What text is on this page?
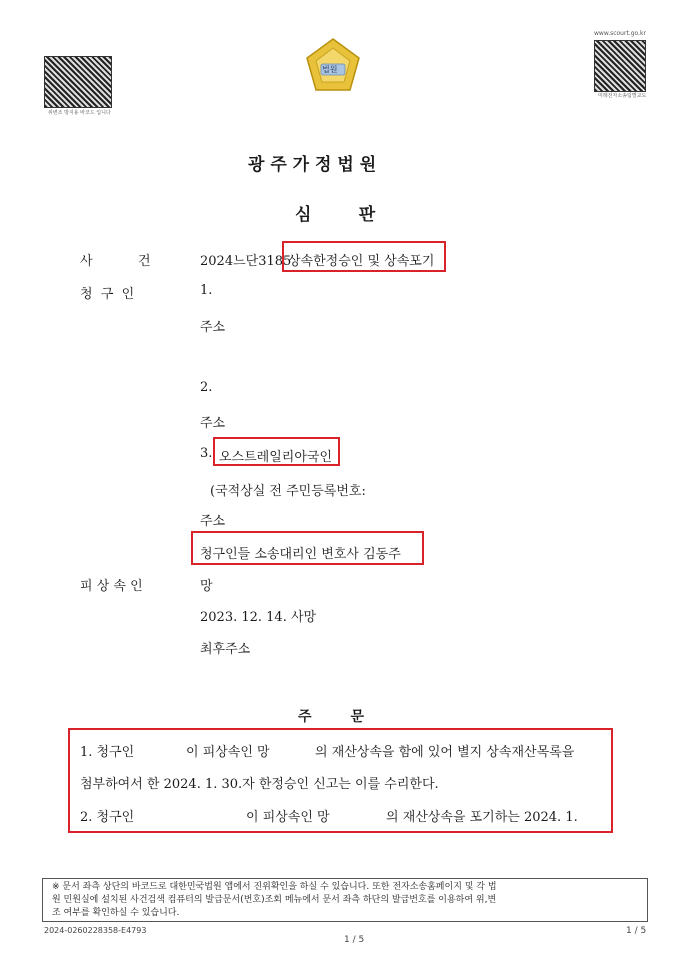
위변조 방지용 바코드 입니다
법원
www.scourt.go.kr
미래전자소송팀별교도
광 주 가 정 법 원
심        판
사           건	2024느단3185
상속한정승인 및 상속포기
청  구  인	1.
주소
2.
주소
3. 오스트레일리아국인
(국적상실 전 주민등록번호:
주소
청구인들 소송대리인 변호사 김동주
피 상 속 인	망
2023. 12. 14. 사망
최후주소
주        문
1. 청구인	이 피상속인 망	의 재산상속을 함에 있어 별지 상속재산목록을
첨부하여서 한 2024. 1. 30.자 한정승인 신고는 이를 수리한다.
2. 청구인	이 피상속인 망	의 재산상속을 포기하는 2024. 1.
※ 문서 좌측 상단의 바코드로 대한민국법원 앱에서 진위확인을 하실 수 있습니다. 또한 전자소송홈페이지 및 각 법
원 민원실에 설치된 사건검색 컴퓨터의 발급문서(번호)조회 메뉴에서 문서 좌측 하단의 발급번호를 이용하여 위,변
조 여부를 확인하실 수 있습니다.
2024-0260228358-E4793
1 / 5
1 / 5
